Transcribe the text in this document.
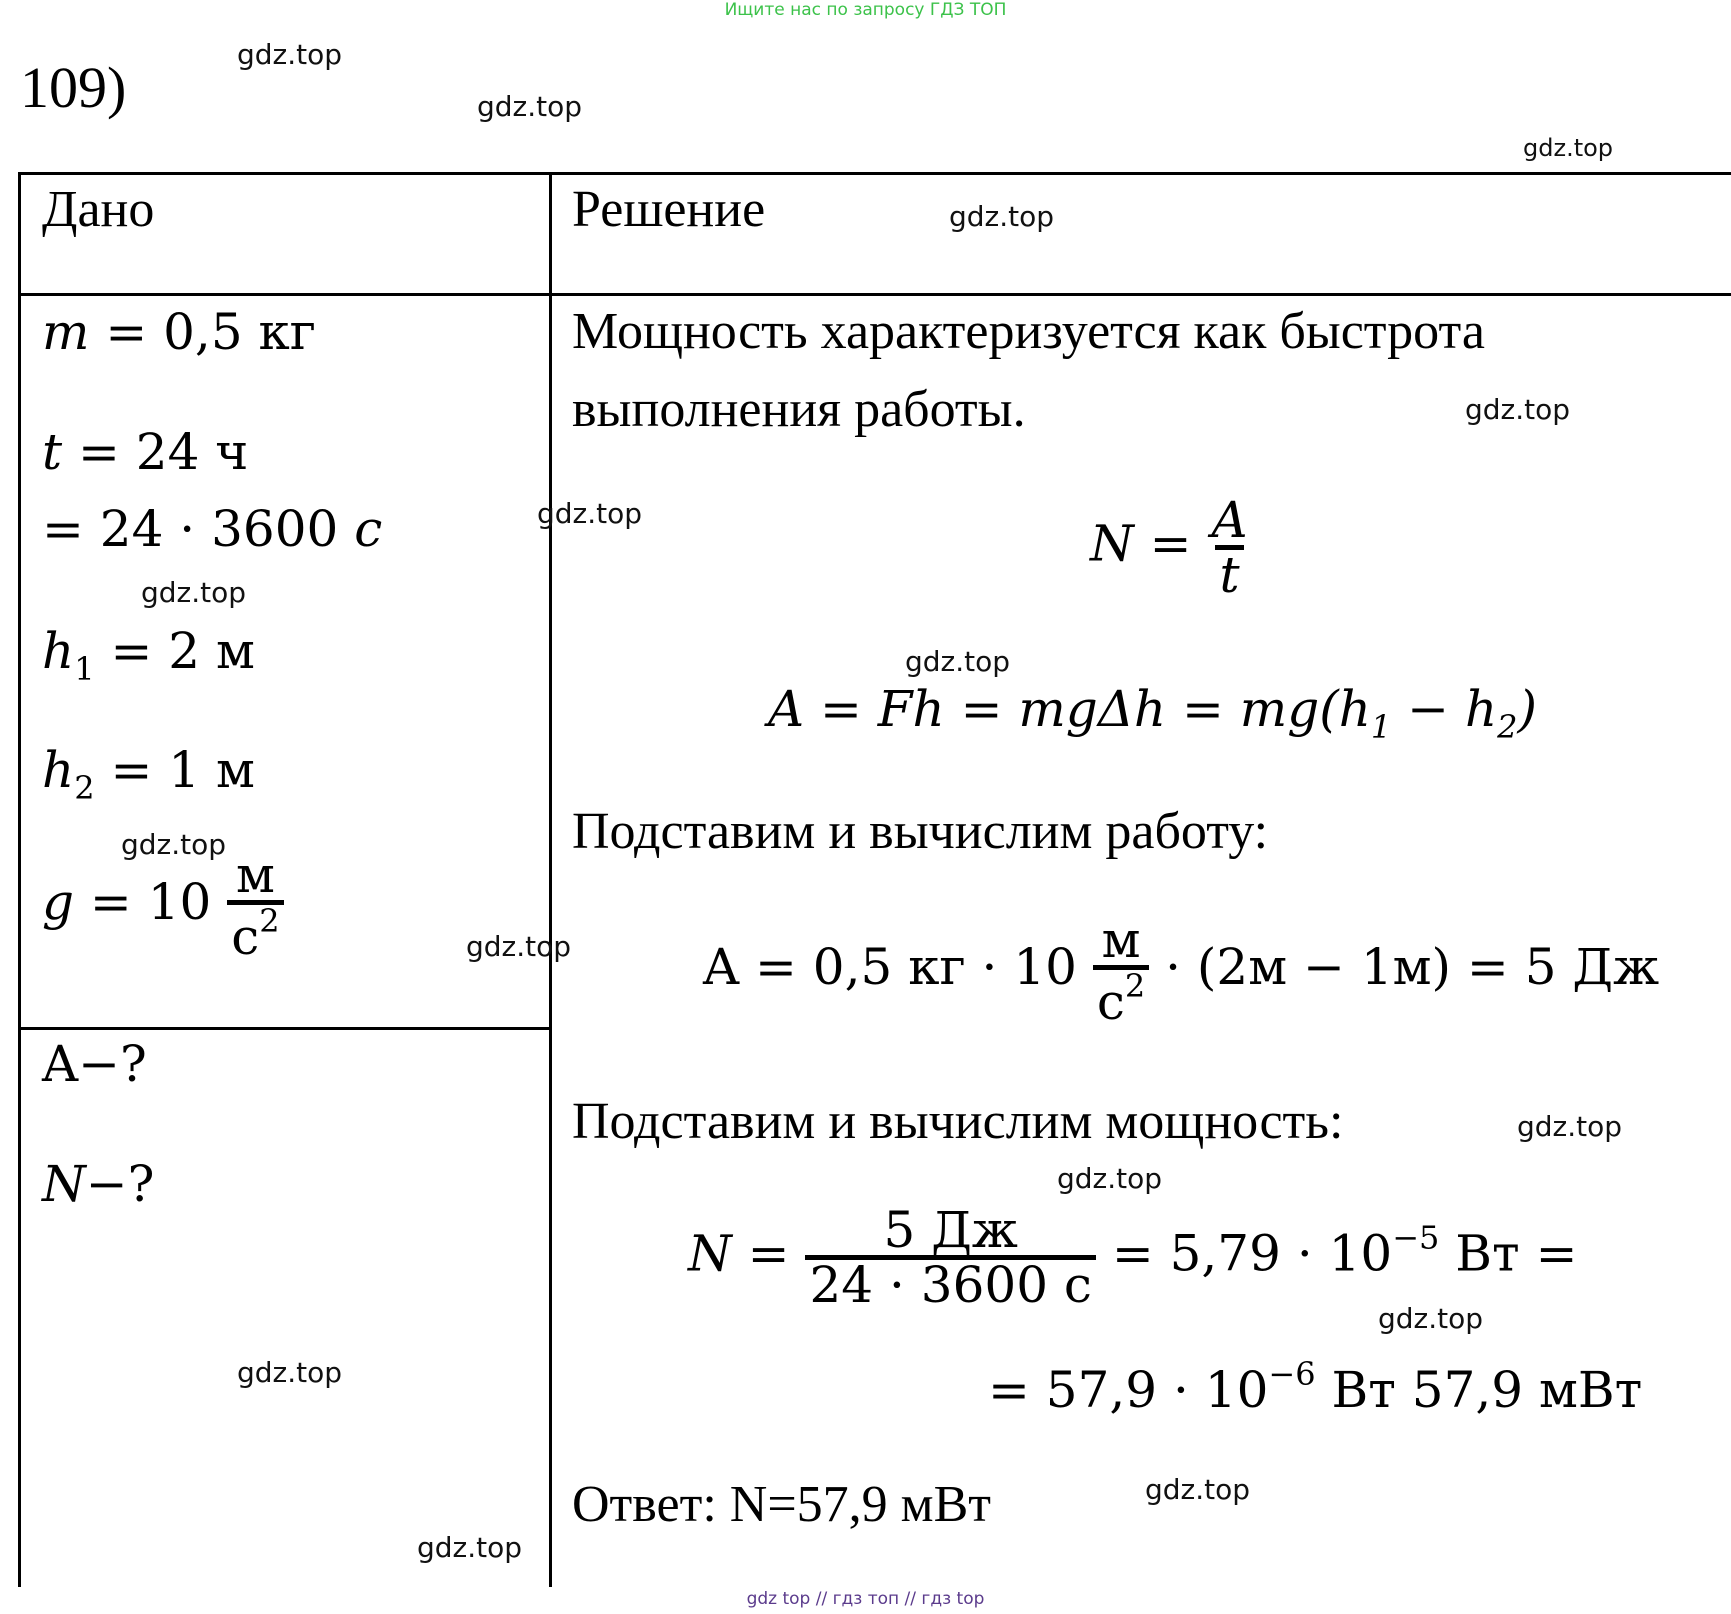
Ищите нас по запросу ГДЗ ТОП
109)
Дано	Решение
m = 0,5 кг
t = 24 ч
= 24 · 3600 c
$h_1 = 2$ м
$h_2 = 1$ м
$g = 10 \frac{м}{c^2}$
A−?
N−?
Мощность характеризуется как быстрота
выполнения работы.
$N = \frac{A}{t}$
$A = Fh = mg\Delta h = mg(h_1 - h_2)$
Подставим и вычислим работу:
A = 0,5 кг · $10 \frac{м}{c^2} \cdot (2м - 1м) = 5$ Дж
Подставим и вычислим мощность:
$N = \frac{5 Дж}{24 \cdot 3600 c} = 5,79 \cdot 10^{-5}$ Вт =
= $57,9 \cdot 10^{-6}$ Вт 57,9 мВт
Ответ: N=57,9 мВт
gdz.top
gdz.top
gdz.top
gdz.top
gdz.top
gdz.top
gdz.top
gdz.top
gdz.top
gdz.top
gdz.top
gdz.top
gdz.top
gdz.top
gdz.top
gdz.top
gdz top // гдз топ // гдз top
